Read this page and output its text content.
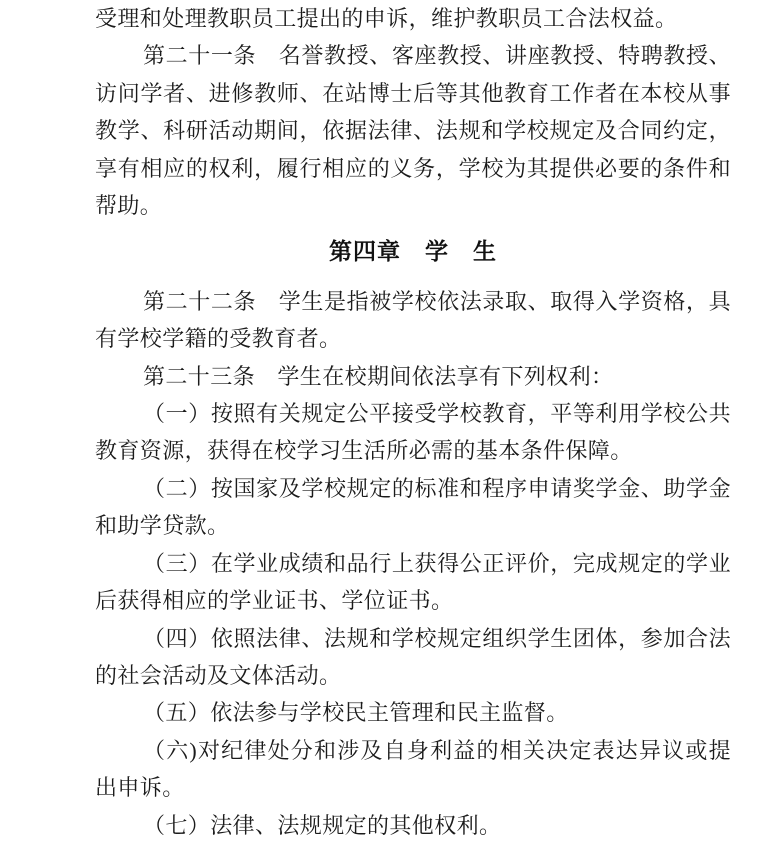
受理和处理教职员工提出的申诉，维护教职员工合法权益。

第二十一条　名誉教授、客座教授、讲座教授、特聘教授、访问学者、进修教师、在站博士后等其他教育工作者在本校从事教学、科研活动期间，依据法律、法规和学校规定及合同约定，享有相应的权利，履行相应的义务，学校为其提供必要的条件和帮助。

第四章　学　生

第二十二条　学生是指被学校依法录取、取得入学资格，具有学校学籍的受教育者。

第二十三条　学生在校期间依法享有下列权利：

（一）按照有关规定公平接受学校教育，平等利用学校公共教育资源，获得在校学习生活所必需的基本条件保障。

（二）按国家及学校规定的标准和程序申请奖学金、助学金和助学贷款。

（三）在学业成绩和品行上获得公正评价，完成规定的学业后获得相应的学业证书、学位证书。

（四）依照法律、法规和学校规定组织学生团体，参加合法的社会活动及文体活动。

（五）依法参与学校民主管理和民主监督。

（六)对纪律处分和涉及自身利益的相关决定表达异议或提出申诉。

（七）法律、法规规定的其他权利。
